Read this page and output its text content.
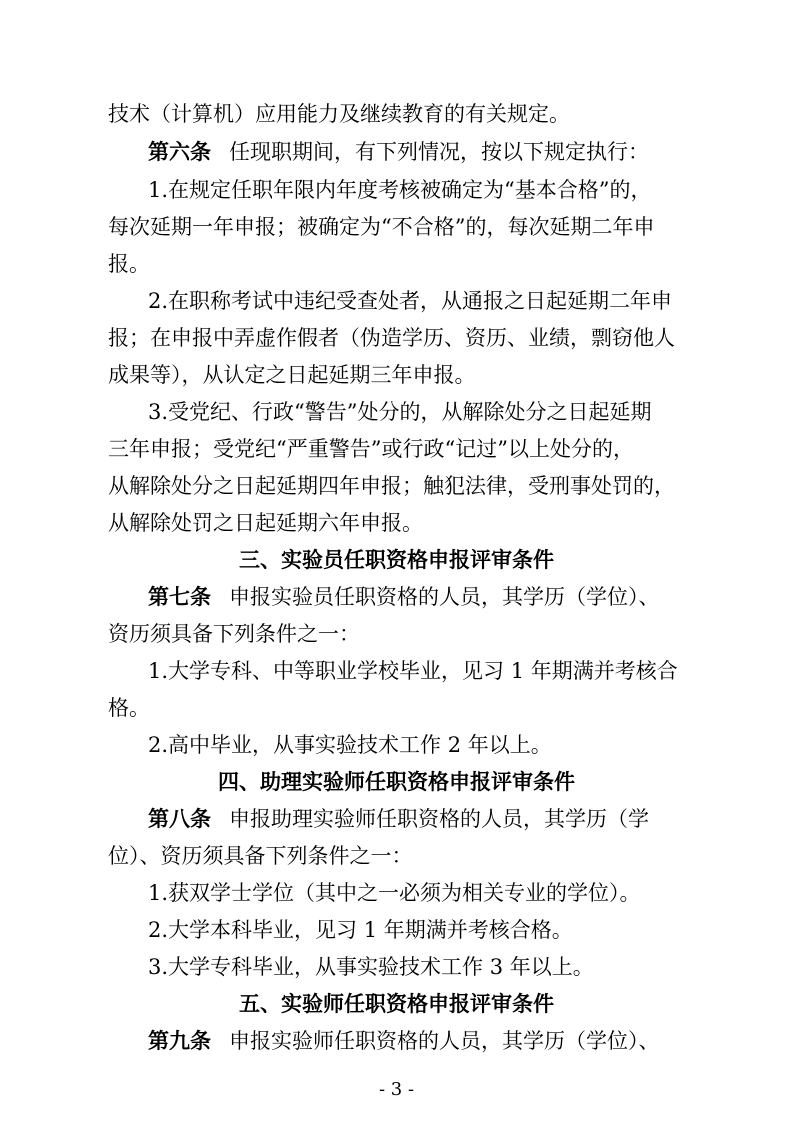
技术（计算机）应用能力及继续教育的有关规定。
第六条 任现职期间，有下列情况，按以下规定执行：
1.在规定任职年限内年度考核被确定为“基本合格”的，
每次延期一年申报；被确定为“不合格”的，每次延期二年申
报。
2.在职称考试中违纪受查处者，从通报之日起延期二年申
报；在申报中弄虚作假者（伪造学历、资历、业绩，剽窃他人
成果等），从认定之日起延期三年申报。
3.受党纪、行政“警告”处分的，从解除处分之日起延期
三年申报；受党纪“严重警告”或行政“记过”以上处分的，
从解除处分之日起延期四年申报；触犯法律，受刑事处罚的，
从解除处罚之日起延期六年申报。
三、实验员任职资格申报评审条件
第七条 申报实验员任职资格的人员，其学历（学位）、
资历须具备下列条件之一：
1.大学专科、中等职业学校毕业，见习 1 年期满并考核合
格。
2.高中毕业，从事实验技术工作 2 年以上。
四、助理实验师任职资格申报评审条件
第八条 申报助理实验师任职资格的人员，其学历（学
位）、资历须具备下列条件之一：
1.获双学士学位（其中之一必须为相关专业的学位）。
2.大学本科毕业，见习 1 年期满并考核合格。
3.大学专科毕业，从事实验技术工作 3 年以上。
五、实验师任职资格申报评审条件
第九条 申报实验师任职资格的人员，其学历（学位）、
- 3 -
